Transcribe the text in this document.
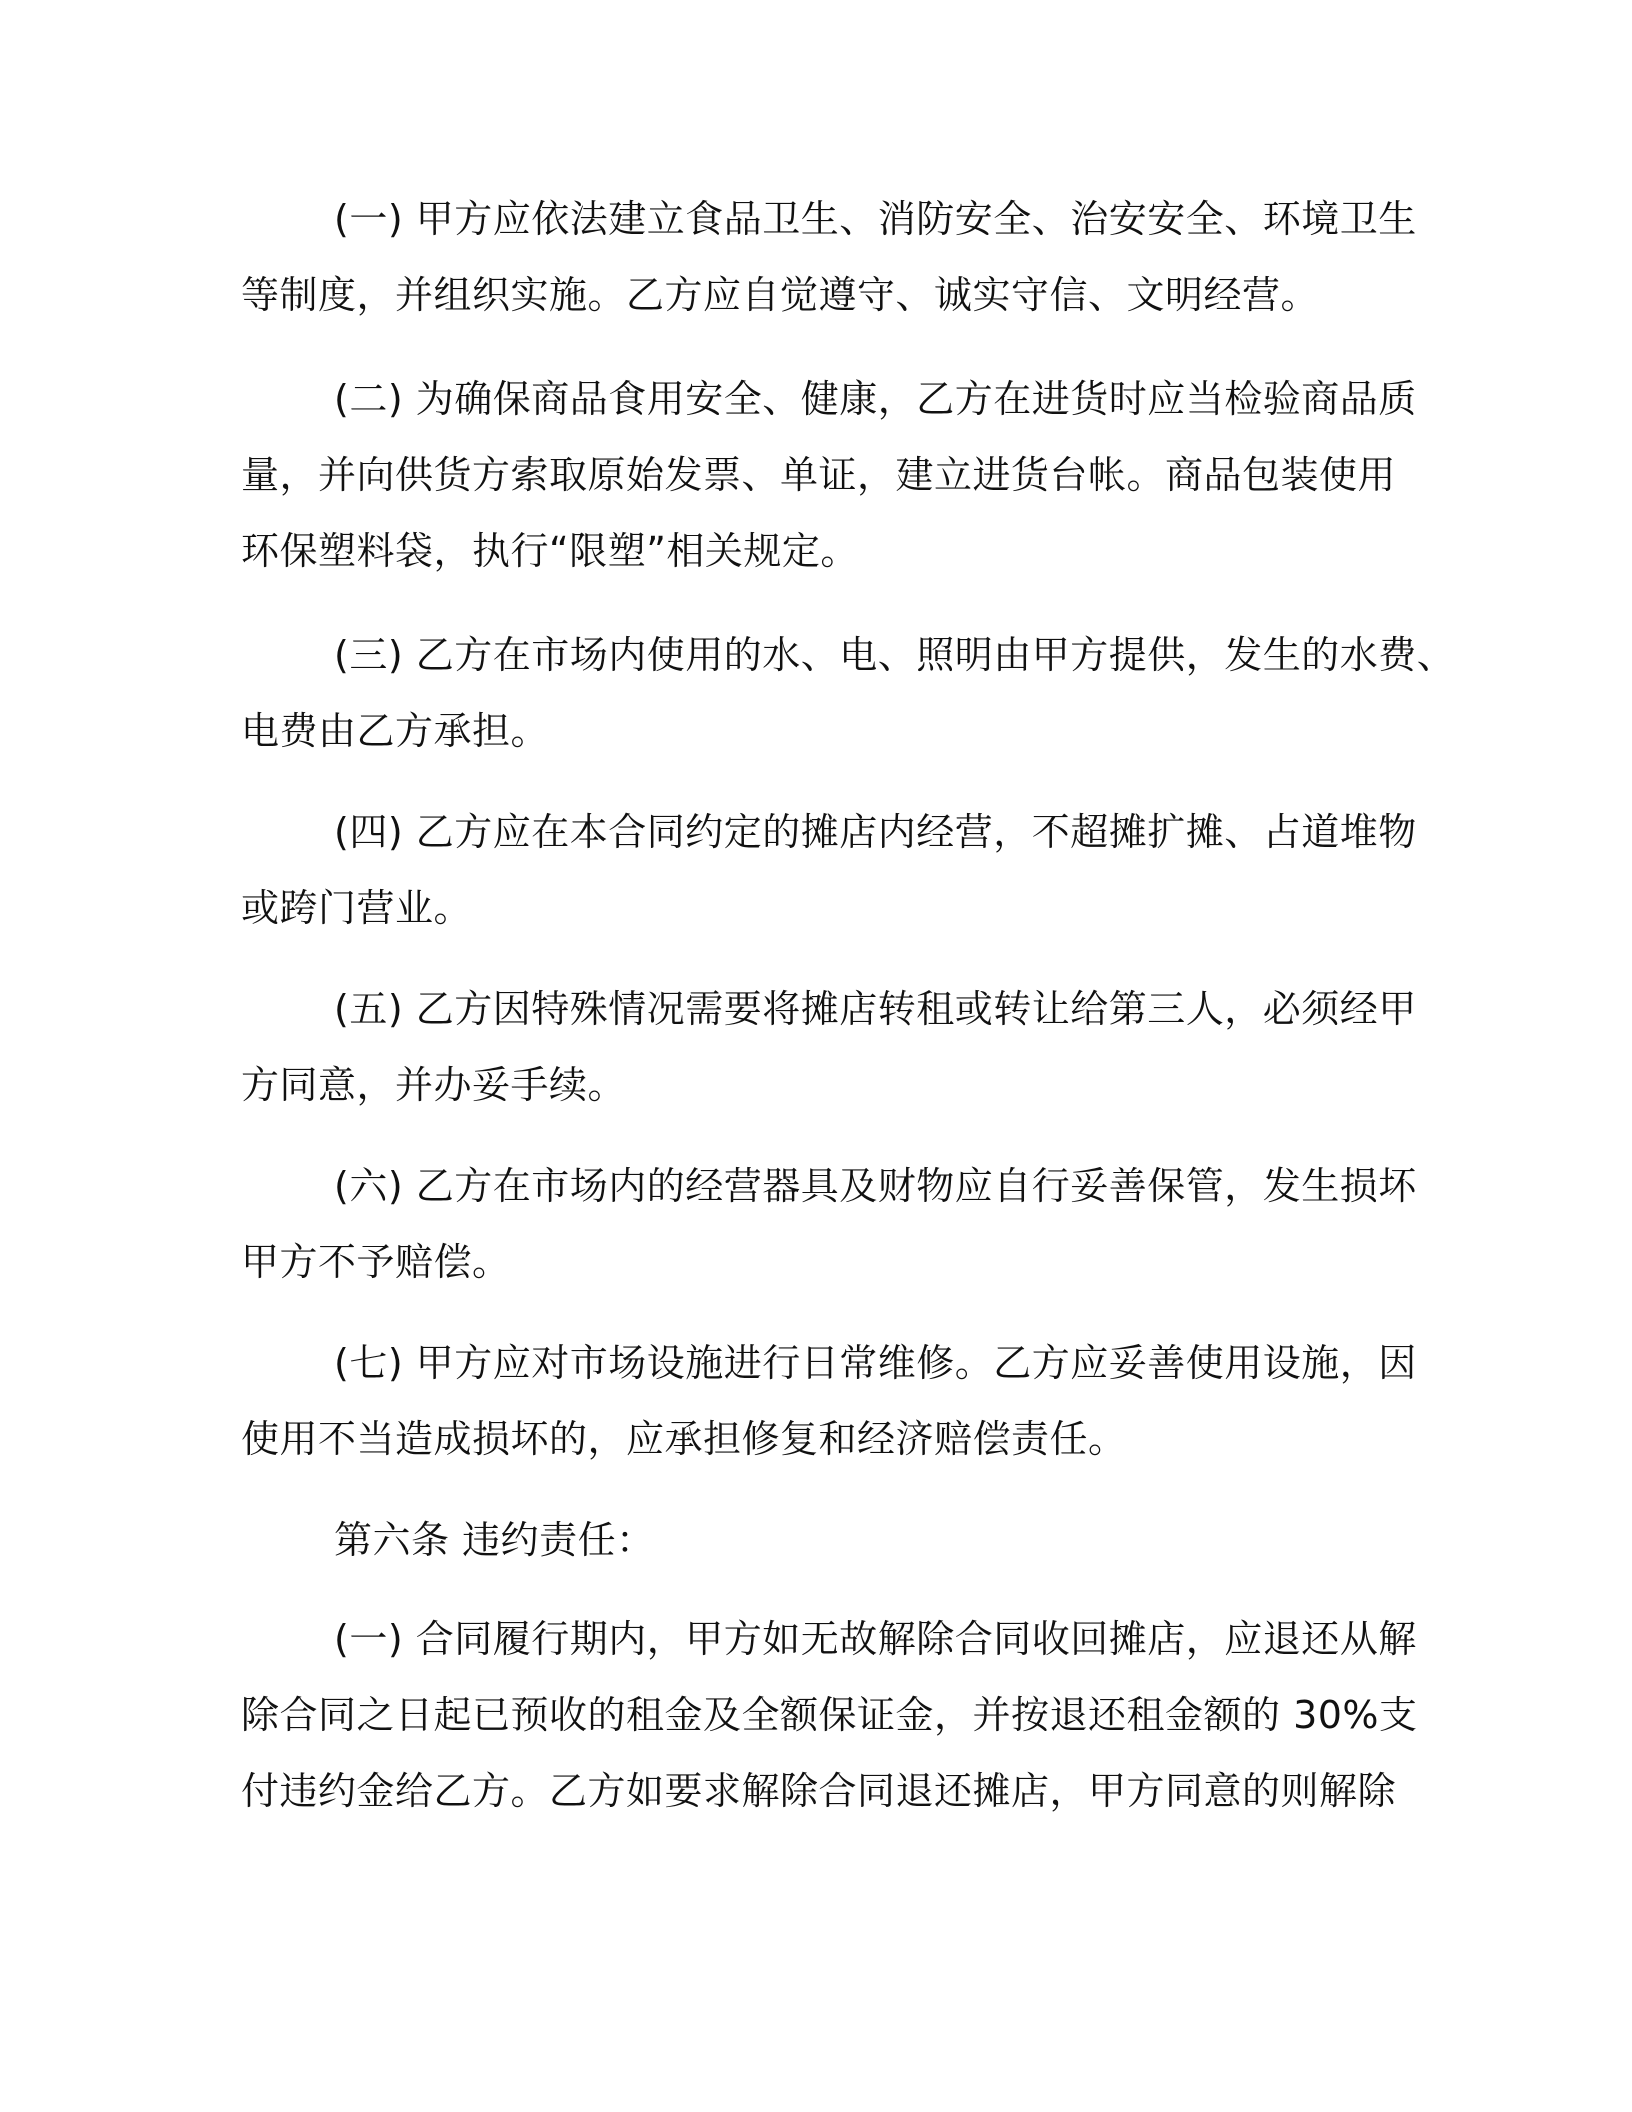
(一) 甲方应依法建立食品卫生、消防安全、治安安全、环境卫生
等制度，并组织实施。乙方应自觉遵守、诚实守信、文明经营。
(二) 为确保商品食用安全、健康，乙方在进货时应当检验商品质
量，并向供货方索取原始发票、单证，建立进货台帐。商品包装使用
环保塑料袋，执行“限塑”相关规定。
(三) 乙方在市场内使用的水、电、照明由甲方提供，发生的水费、
电费由乙方承担。
(四) 乙方应在本合同约定的摊店内经营，不超摊扩摊、占道堆物
或跨门营业。
(五) 乙方因特殊情况需要将摊店转租或转让给第三人，必须经甲
方同意，并办妥手续。
(六) 乙方在市场内的经营器具及财物应自行妥善保管，发生损坏
甲方不予赔偿。
(七) 甲方应对市场设施进行日常维修。乙方应妥善使用设施，因
使用不当造成损坏的，应承担修复和经济赔偿责任。
第六条 违约责任：
(一) 合同履行期内，甲方如无故解除合同收回摊店，应退还从解
除合同之日起已预收的租金及全额保证金，并按退还租金额的 30%支
付违约金给乙方。乙方如要求解除合同退还摊店，甲方同意的则解除
